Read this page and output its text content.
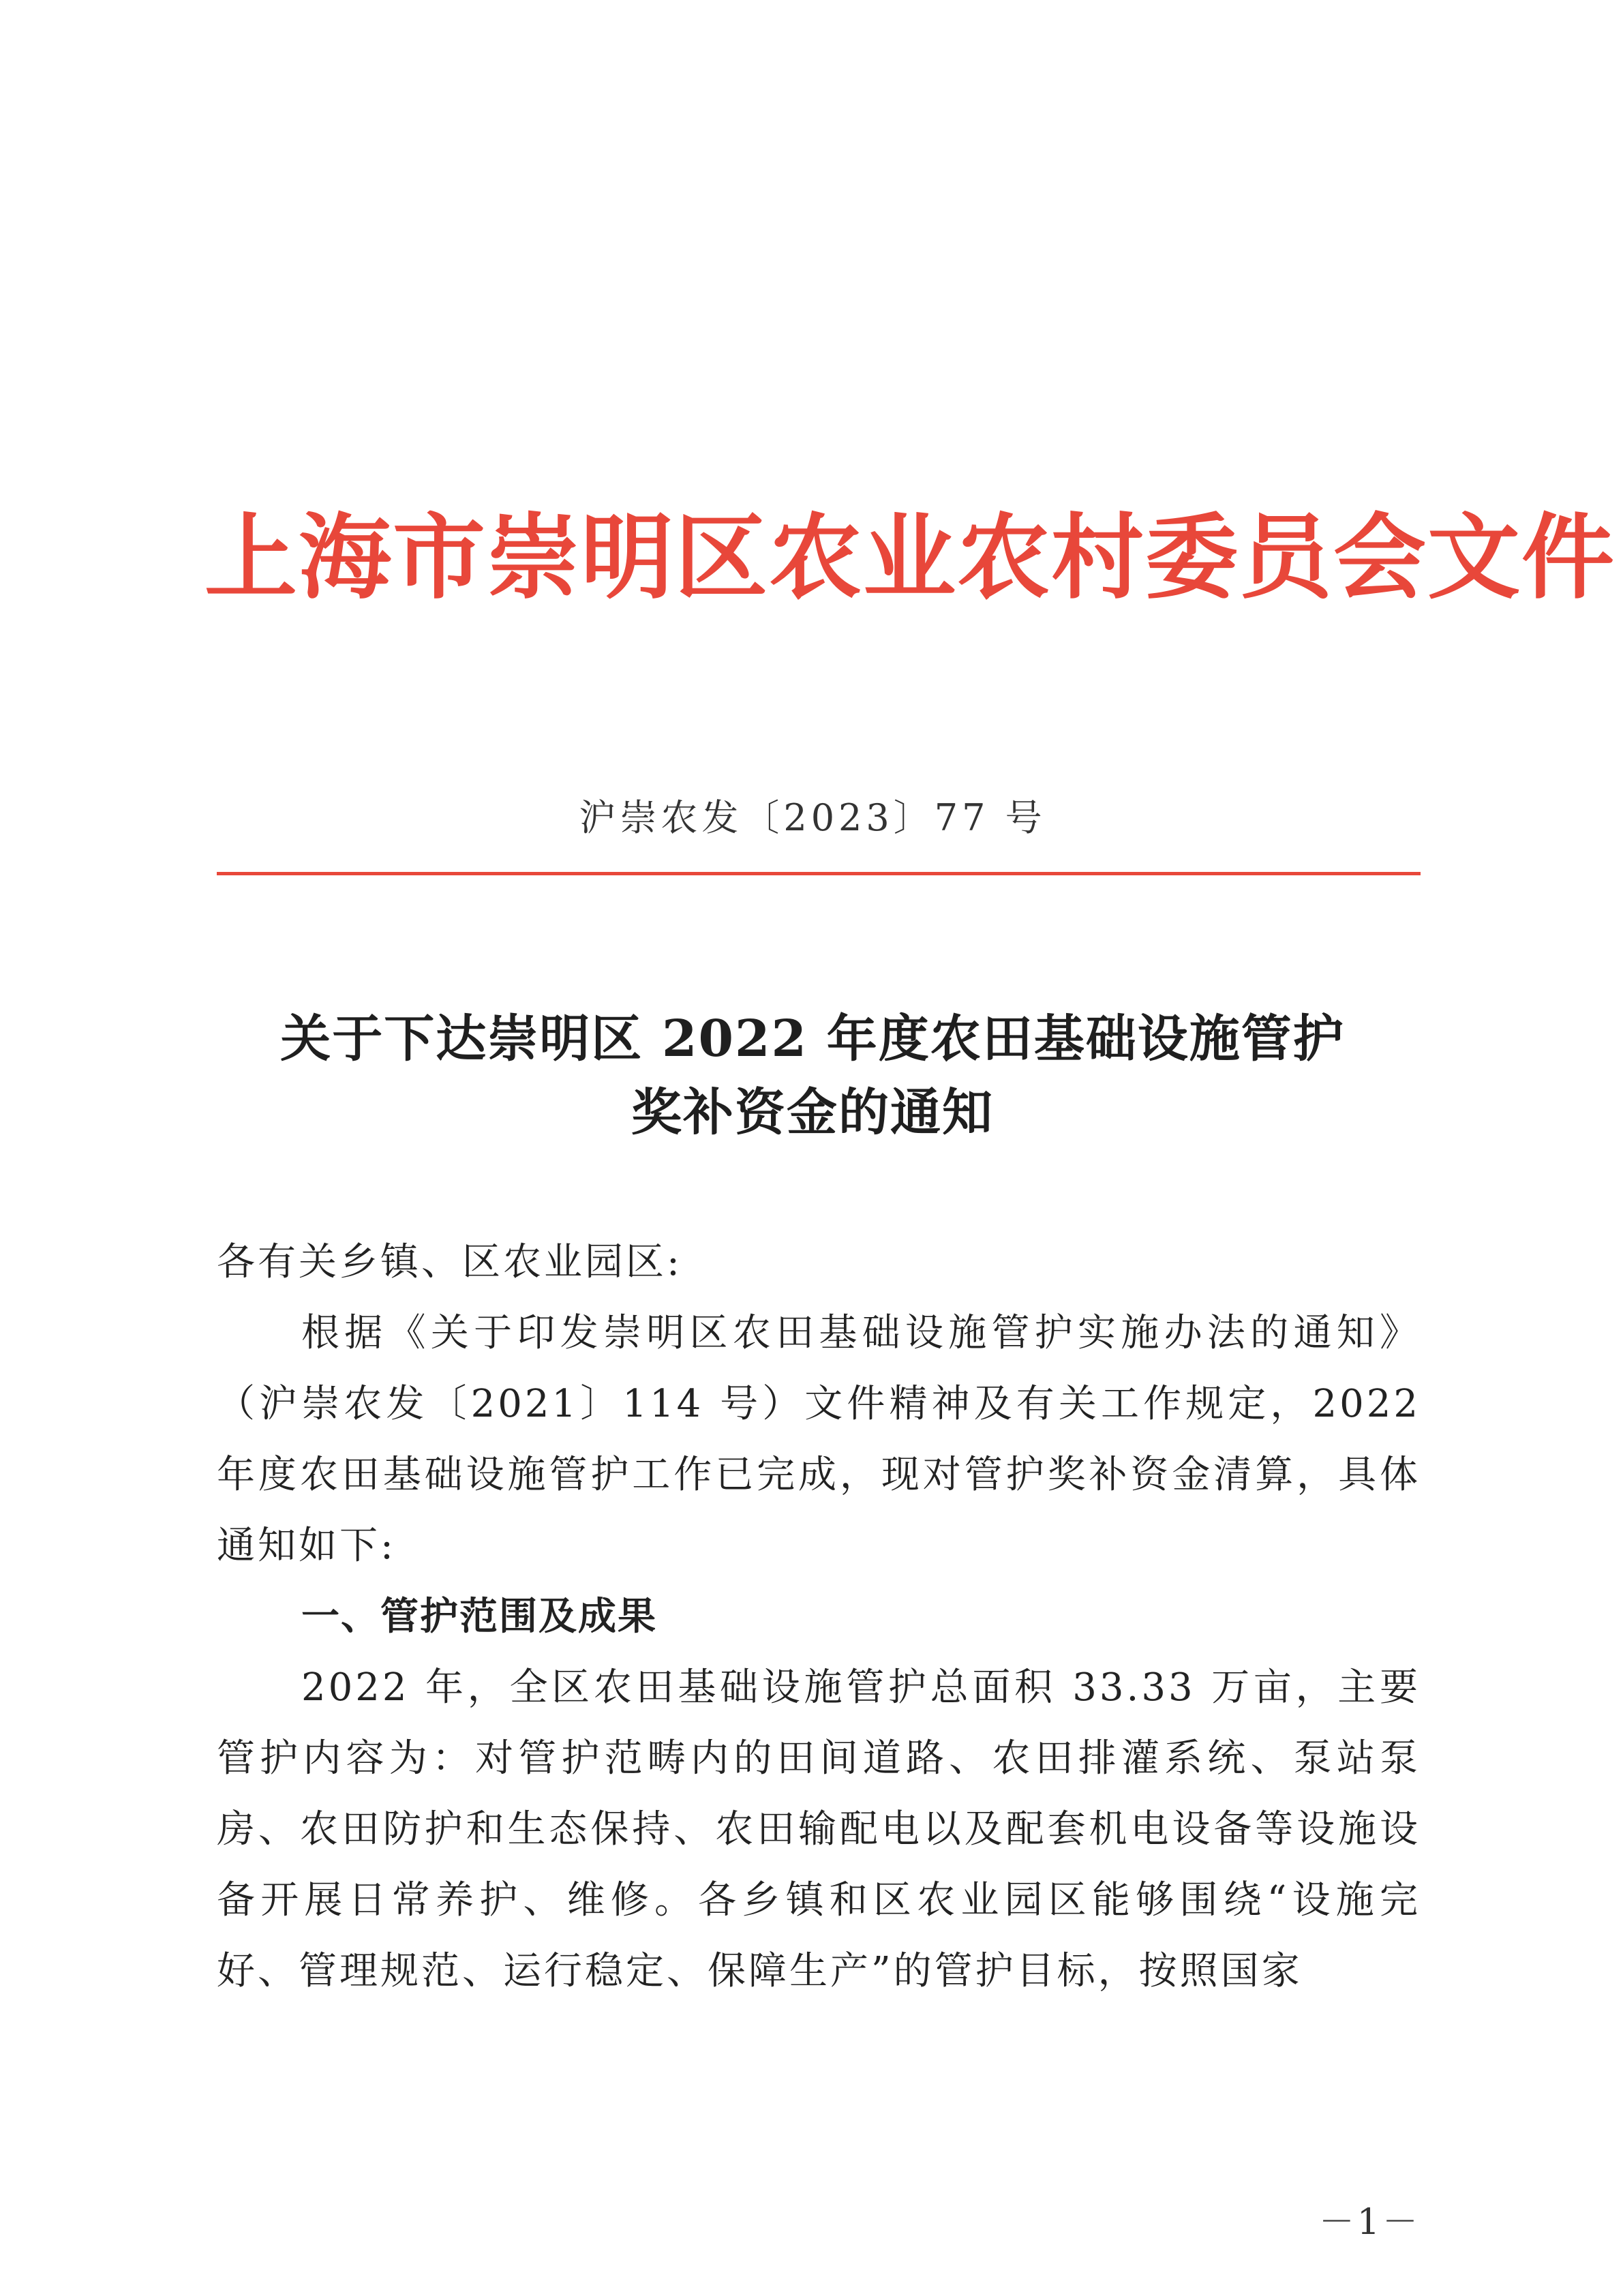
上海市崇明区农业农村委员会文件
沪崇农发〔2023〕77 号
关于下达崇明区 2022 年度农田基础设施管护
奖补资金的通知

各有关乡镇、区农业园区:

根据《关于印发崇明区农田基础设施管护实施办法的通知》（沪崇农发〔2021〕114 号）文件精神及有关工作规定，2022 年度农田基础设施管护工作已完成，现对管护奖补资金清算，具体通知如下:

一、管护范围及成果

2022 年，全区农田基础设施管护总面积 33.33 万亩，主要管护内容为：对管护范畴内的田间道路、农田排灌系统、泵站泵房、农田防护和生态保持、农田输配电以及配套机电设备等设施设备开展日常养护、维修。各乡镇和区农业园区能够围绕“设施完好、管理规范、运行稳定、保障生产”的管护目标，按照国家

－1－
